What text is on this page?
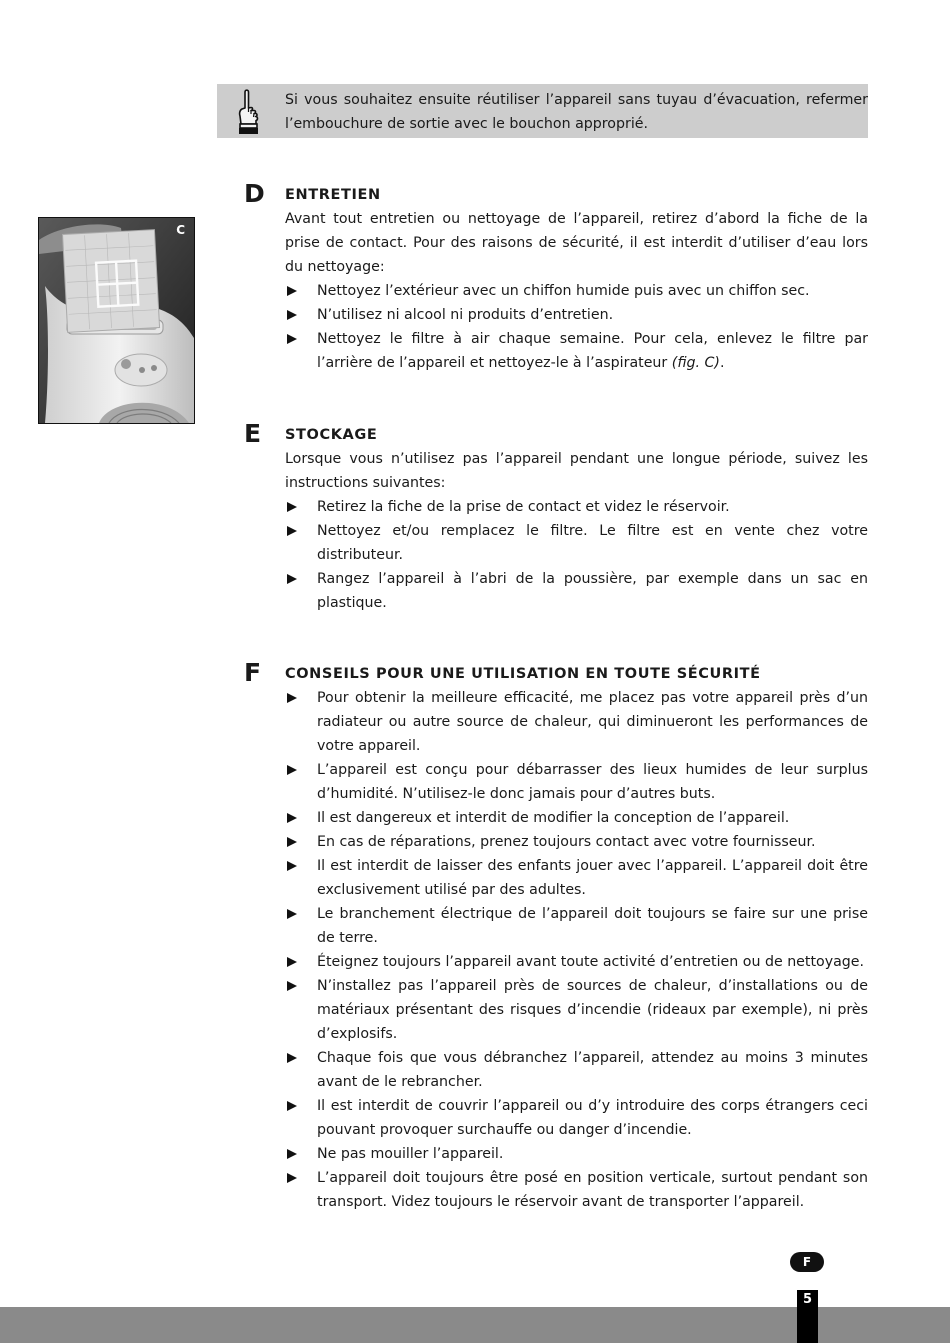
Si vous souhaitez ensuite réutiliser l’appareil sans tuyau d’évacuation, refermer l’embouchure de sortie avec le bouchon approprié.
C
D ENTRETIEN

Avant tout entretien ou nettoyage de l’appareil, retirez d’abord la fiche de la prise de contact. Pour des raisons de sécurité, il est interdit d’utiliser d’eau lors du nettoyage:

Nettoyez l’extérieur avec un chiffon humide puis avec un chiffon sec.
N’utilisez ni alcool ni produits d’entretien.
Nettoyez le filtre à air chaque semaine. Pour cela, enlevez le filtre par l’arrière de l’appareil et nettoyez-le à l’aspirateur (fig. C).
E STOCKAGE

Lorsque vous n’utilisez pas l’appareil pendant une longue période, suivez les instructions suivantes:

Retirez la fiche de la prise de contact et videz le réservoir.
Nettoyez et/ou remplacez le filtre. Le filtre est en vente chez votre distributeur.
Rangez l’appareil à l’abri de la poussière, par exemple dans un sac en plastique.
F CONSEILS POUR UNE UTILISATION EN TOUTE SÉCURITÉ
Pour obtenir la meilleure efficacité, me placez pas votre appareil près d’un radiateur ou autre source de chaleur, qui diminueront les performances de votre appareil.
L’appareil est conçu pour débarrasser des lieux humides de leur surplus d’humidité. N’utilisez-le donc jamais pour d’autres buts.
Il est dangereux et interdit de modifier la conception de l’appareil.
En cas de réparations, prenez toujours contact avec votre fournisseur.
Il est interdit de laisser des enfants jouer avec l’appareil. L’appareil doit être exclusivement utilisé par des adultes.
Le branchement électrique de l’appareil doit toujours se faire sur une prise de terre.
Éteignez toujours l’appareil avant toute activité d’entretien ou de nettoyage.
N’installez pas l’appareil près de sources de chaleur, d’installations ou de matériaux présentant des risques d’incendie (rideaux par exemple), ni près d’explosifs.
Chaque fois que vous débranchez l’appareil, attendez au moins 3 minutes avant de le rebrancher.
Il est interdit de couvrir l’appareil ou d’y introduire des corps étrangers ceci pouvant provoquer surchauffe ou danger d’incendie.
Ne pas mouiller l’appareil.
L’appareil doit toujours être posé en position verticale, surtout pendant son transport. Videz toujours le réservoir avant de transporter l’appareil.
F
5
